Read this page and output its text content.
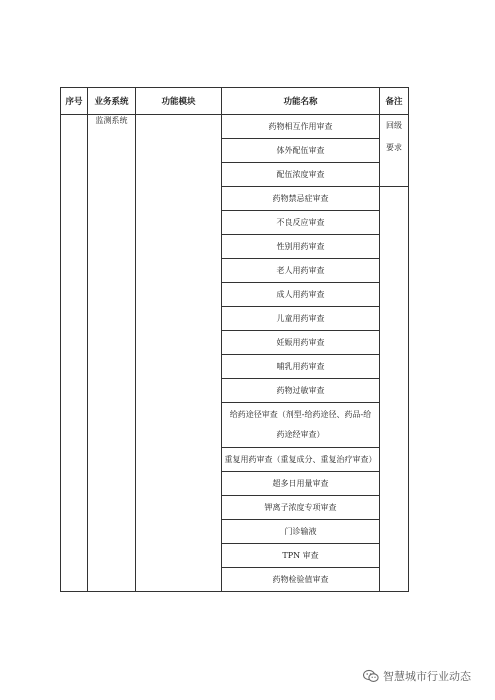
序号	业务系统	功能模块	功能名称	备注
	监测系统		药物相互作用审查	回级
要求
			体外配伍审查	
			配伍浓度审查	
			药物禁忌症审查	
			不良反应审查	
			性别用药审查	
			老人用药审查	
			成人用药审查	
			儿童用药审查	
			妊娠用药审查	
			哺乳用药审查	
			药物过敏审查	
			给药途径审查（剂型-给药途径、药品-给药途经审查）	
			重复用药审查（重复成分、重复治疗审查）	
			超多日用量审查	
			钾离子浓度专项审查	
			门诊输液	
			TPN 审查	
			药物检验值审查	
智慧城市行业动态
